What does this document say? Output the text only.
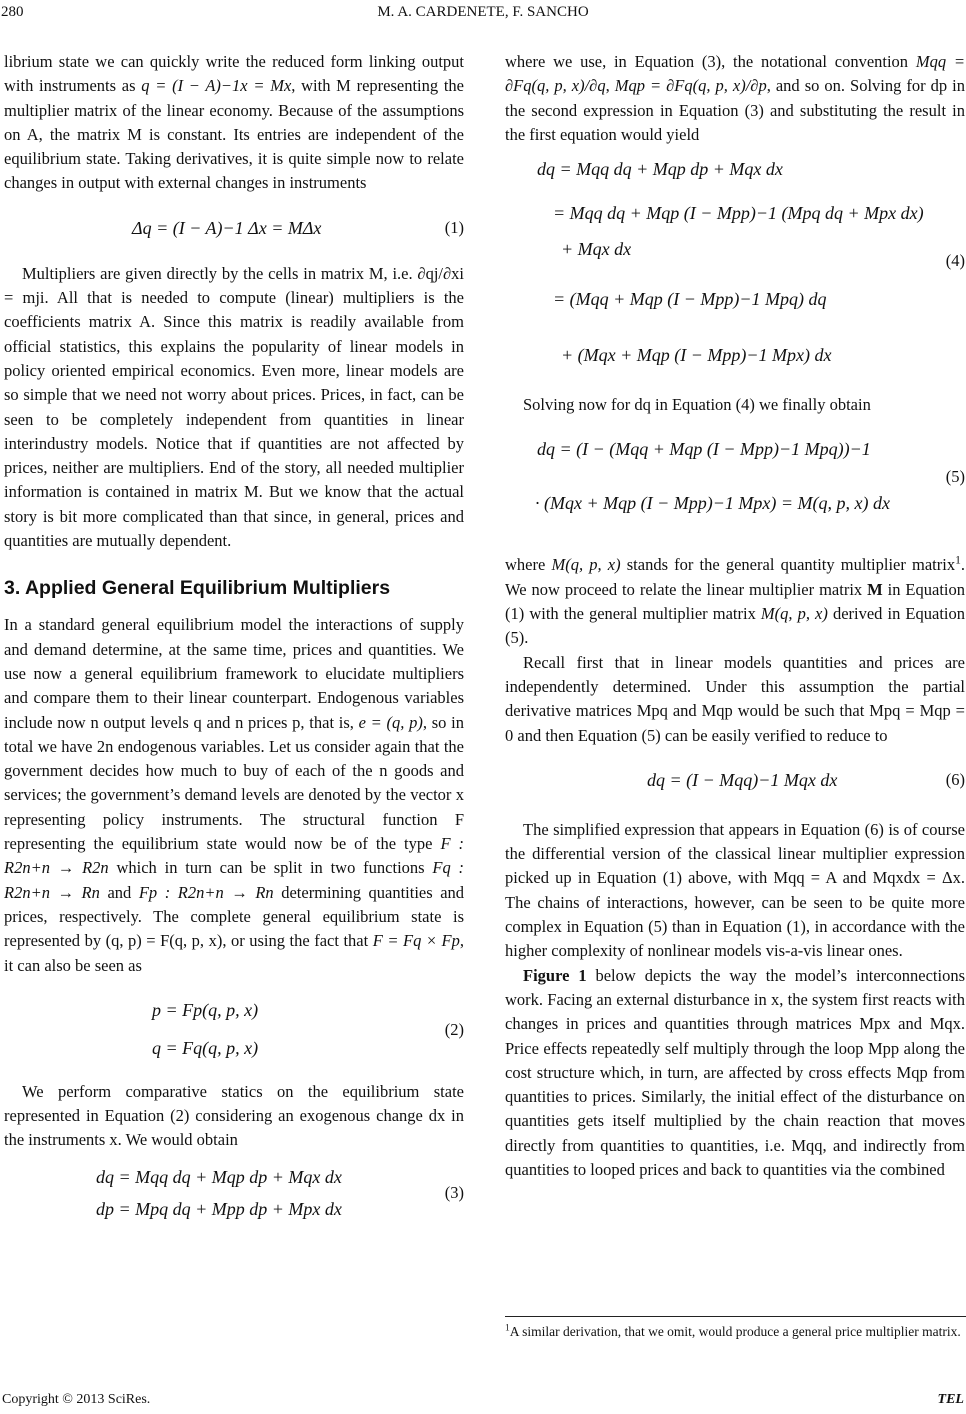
280	M. A. CARDENETE, F. SANCHO

librium state we can quickly write the reduced form linking output with instruments as q = (I − A)−1x = Mx, with M representing the multiplier matrix of the linear economy. Because of the assumptions on A, the matrix M is constant. Its entries are independent of the equilibrium state. Taking derivatives, it is quite simple now to relate changes in output with external changes in instruments

Δq = (I − A)−1 Δx = MΔx	(1)

Multipliers are given directly by the cells in matrix M, i.e. ∂qj/∂xi = mji. All that is needed to compute (linear) multipliers is the coefficients matrix A. Since this matrix is readily available from official statistics, this explains the popularity of linear models in policy oriented empirical economics. Even more, linear models are so simple that we need not worry about prices. Prices, in fact, can be seen to be completely independent from quantities in linear interindustry models. Notice that if quantities are not affected by prices, neither are multipliers. End of the story, all needed multiplier information is contained in matrix M. But we know that the actual story is bit more complicated than that since, in general, prices and quantities are mutually dependent.

3. Applied General Equilibrium Multipliers

In a standard general equilibrium model the interactions of supply and demand determine, at the same time, prices and quantities. We use now a general equilibrium framework to elucidate multipliers and compare them to their linear counterpart. Endogenous variables include now n output levels q and n prices p, that is, e = (q, p), so in total we have 2n endogenous variables. Let us consider again that the government decides how much to buy of each of the n goods and services; the government’s demand levels are denoted by the vector x representing policy instruments. The structural function F representing the equilibrium state would now be of the type F : R2n+n → R2n which in turn can be split in two functions Fq : R2n+n → Rn and Fp : R2n+n → Rn determining quantities and prices, respectively. The complete general equilibrium state is represented by (q, p) = F(q, p, x), or using the fact that F = Fq × Fp, it can also be seen as

p = Fp(q, p, x)
q = Fq(q, p, x)
(2)

We perform comparative statics on the equilibrium state represented in Equation (2) considering an exogenous change dx in the instruments x. We would obtain

dq = Mqq dq + Mqp dp + Mqx dx
dp = Mpq dq + Mpp dp + Mpx dx
(3)

where we use, in Equation (3), the notational convention Mqq = ∂Fq(q, p, x)/∂q, Mqp = ∂Fq(q, p, x)/∂p, and so on. Solving for dp in the second expression in Equation (3) and substituting the result in the first equation would yield

dq = Mqq dq + Mqp dp + Mqx dx
= Mqq dq + Mqp (I − Mpp)−1 (Mpq dq + Mpx dx)
+ Mqx dx
= (Mqq + Mqp (I − Mpp)−1 Mpq) dq
+ (Mqx + Mqp (I − Mpp)−1 Mpx) dx
(4)

Solving now for dq in Equation (4) we finally obtain

dq = (I − (Mqq + Mqp (I − Mpp)−1 Mpq))−1
· (Mqx + Mqp (I − Mpp)−1 Mpx) = M(q, p, x) dx
(5)

where M(q, p, x) stands for the general quantity multiplier matrix$^1$. We now proceed to relate the linear multiplier matrix M in Equation (1) with the general multiplier matrix M(q, p, x) derived in Equation (5).

Recall first that in linear models quantities and prices are independently determined. Under this assumption the partial derivative matrices Mpq and Mqp would be such that Mpq = Mqp = 0 and then Equation (5) can be easily verified to reduce to

dq = (I − Mqq)−1 Mqx dx	(6)

The simplified expression that appears in Equation (6) is of course the differential version of the classical linear multiplier expression picked up in Equation (1) above, with Mqq = A and Mqxdx = Δx. The chains of interactions, however, can be seen to be quite more complex in Equation (5) than in Equation (1), in accordance with the higher complexity of nonlinear models vis-a-vis linear ones.

Figure 1 below depicts the way the model’s interconnections work. Facing an external disturbance in x, the system first reacts with changes in prices and quantities through matrices Mpx and Mqx. Price effects repeatedly self multiply through the loop Mpp along the cost structure which, in turn, are affected by cross effects Mqp from quantities to prices. Similarly, the initial effect of the disturbance on quantities gets itself multiplied by the chain reaction that moves directly from quantities to quantities, i.e. Mqq, and indirectly from quantities to looped prices and back to quantities via the combined

$^1$A similar derivation, that we omit, would produce a general price multiplier matrix.
Copyright © 2013 SciRes.	TEL
